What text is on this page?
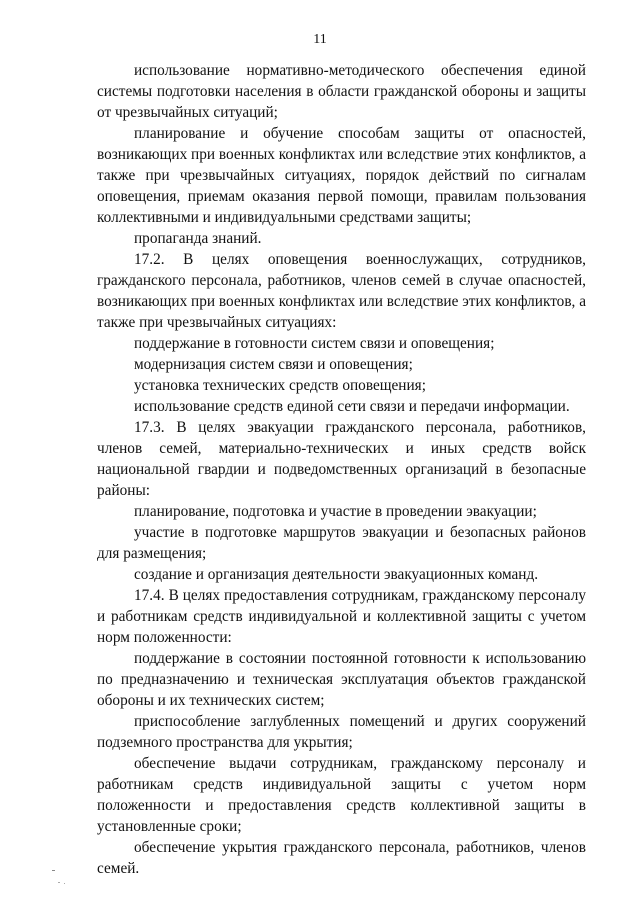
11

использование нормативно-методического обеспечения единой системы подготовки населения в области гражданской обороны и защиты от чрезвычайных ситуаций;

планирование и обучение способам защиты от опасностей, возникающих при военных конфликтах или вследствие этих конфликтов, а также при чрезвычайных ситуациях, порядок действий по сигналам оповещения, приемам оказания первой помощи, правилам пользования коллективными и индивидуальными средствами защиты;

пропаганда знаний.

17.2. В целях оповещения военнослужащих, сотрудников, гражданского персонала, работников, членов семей в случае опасностей, возникающих при военных конфликтах или вследствие этих конфликтов, а также при чрезвычайных ситуациях:

поддержание в готовности систем связи и оповещения;

модернизация систем связи и оповещения;

установка технических средств оповещения;

использование средств единой сети связи и передачи информации.

17.3. В целях эвакуации гражданского персонала, работников, членов семей, материально-технических и иных средств войск национальной гвардии и подведомственных организаций в безопасные районы:

планирование, подготовка и участие в проведении эвакуации;

участие в подготовке маршрутов эвакуации и безопасных районов для размещения;

создание и организация деятельности эвакуационных команд.

17.4. В целях предоставления сотрудникам, гражданскому персоналу и работникам средств индивидуальной и коллективной защиты с учетом норм положенности:

поддержание в состоянии постоянной готовности к использованию по предназначению и техническая эксплуатация объектов гражданской обороны и их технических систем;

приспособление заглубленных помещений и других сооружений подземного пространства для укрытия;

обеспечение выдачи сотрудникам, гражданскому персоналу и работникам средств индивидуальной защиты с учетом норм положенности и предоставления средств коллективной защиты в установленные сроки;

обеспечение укрытия гражданского персонала, работников, членов семей.
